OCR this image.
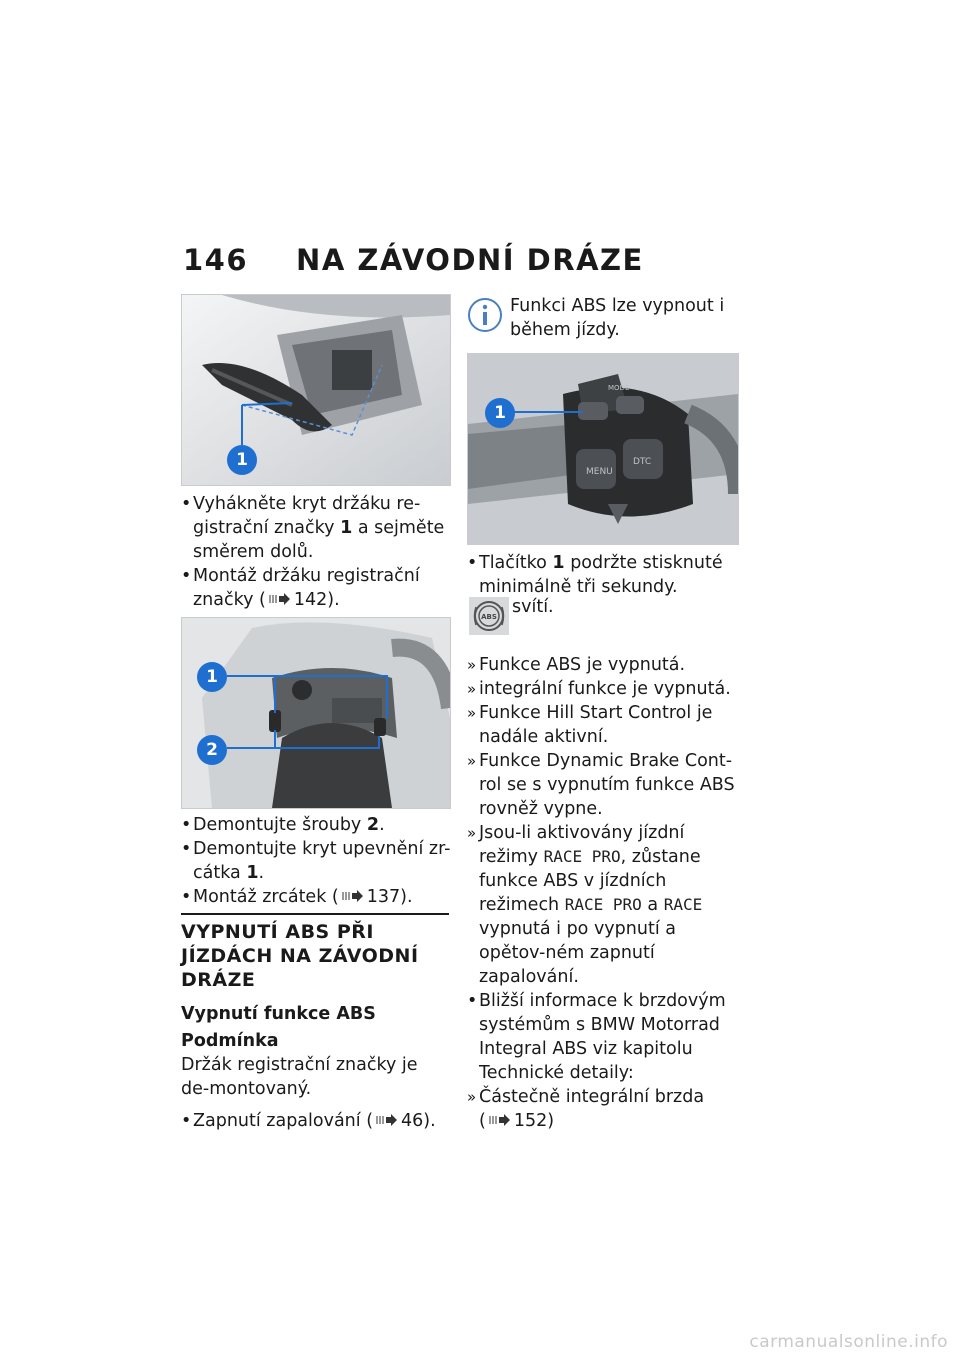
146 NA ZÁVODNÍ DRÁZE
1

• Vyhákněte kryt držáku re-gistrační značky 1 a sejměte směrem dolů.

• Montáž držáku registrační značky ( 142).

1
2

• Demontujte šrouby 2.

• Demontujte kryt upevnění zr-cátka 1.

• Montáž zrcátek ( 137).

VYPNUTÍ ABS PŘI JÍZDÁCH NA ZÁVODNÍ DRÁZE

Vypnutí funkce ABS

Podmínka

Držák registrační značky je de-montovaný.

• Zapnutí zapalování ( 46).

Funkci ABS lze vypnout i během jízdy.

MENU
DTC
MODE
1

• Tlačítko 1 podržte stisknuté minimálně tři sekundy.

ABS svítí.

» Funkce ABS je vypnutá.

» integrální funkce je vypnutá.

» Funkce Hill Start Control je nadále aktivní.

» Funkce Dynamic Brake Cont-rol se s vypnutím funkce ABS rovněž vypne.

» Jsou-li aktivovány jízdní režimy RACE PRO, zůstane funkce ABS v jízdních režimech RACE PRO a RACE vypnutá i po vypnutí a opětov-ném zapnutí zapalování.

• Bližší informace k brzdovým systémům s BMW Motorrad Integral ABS viz kapitolu Technické detaily:

» Částečně integrální brzda
( 152)

carmanualsonline.info
